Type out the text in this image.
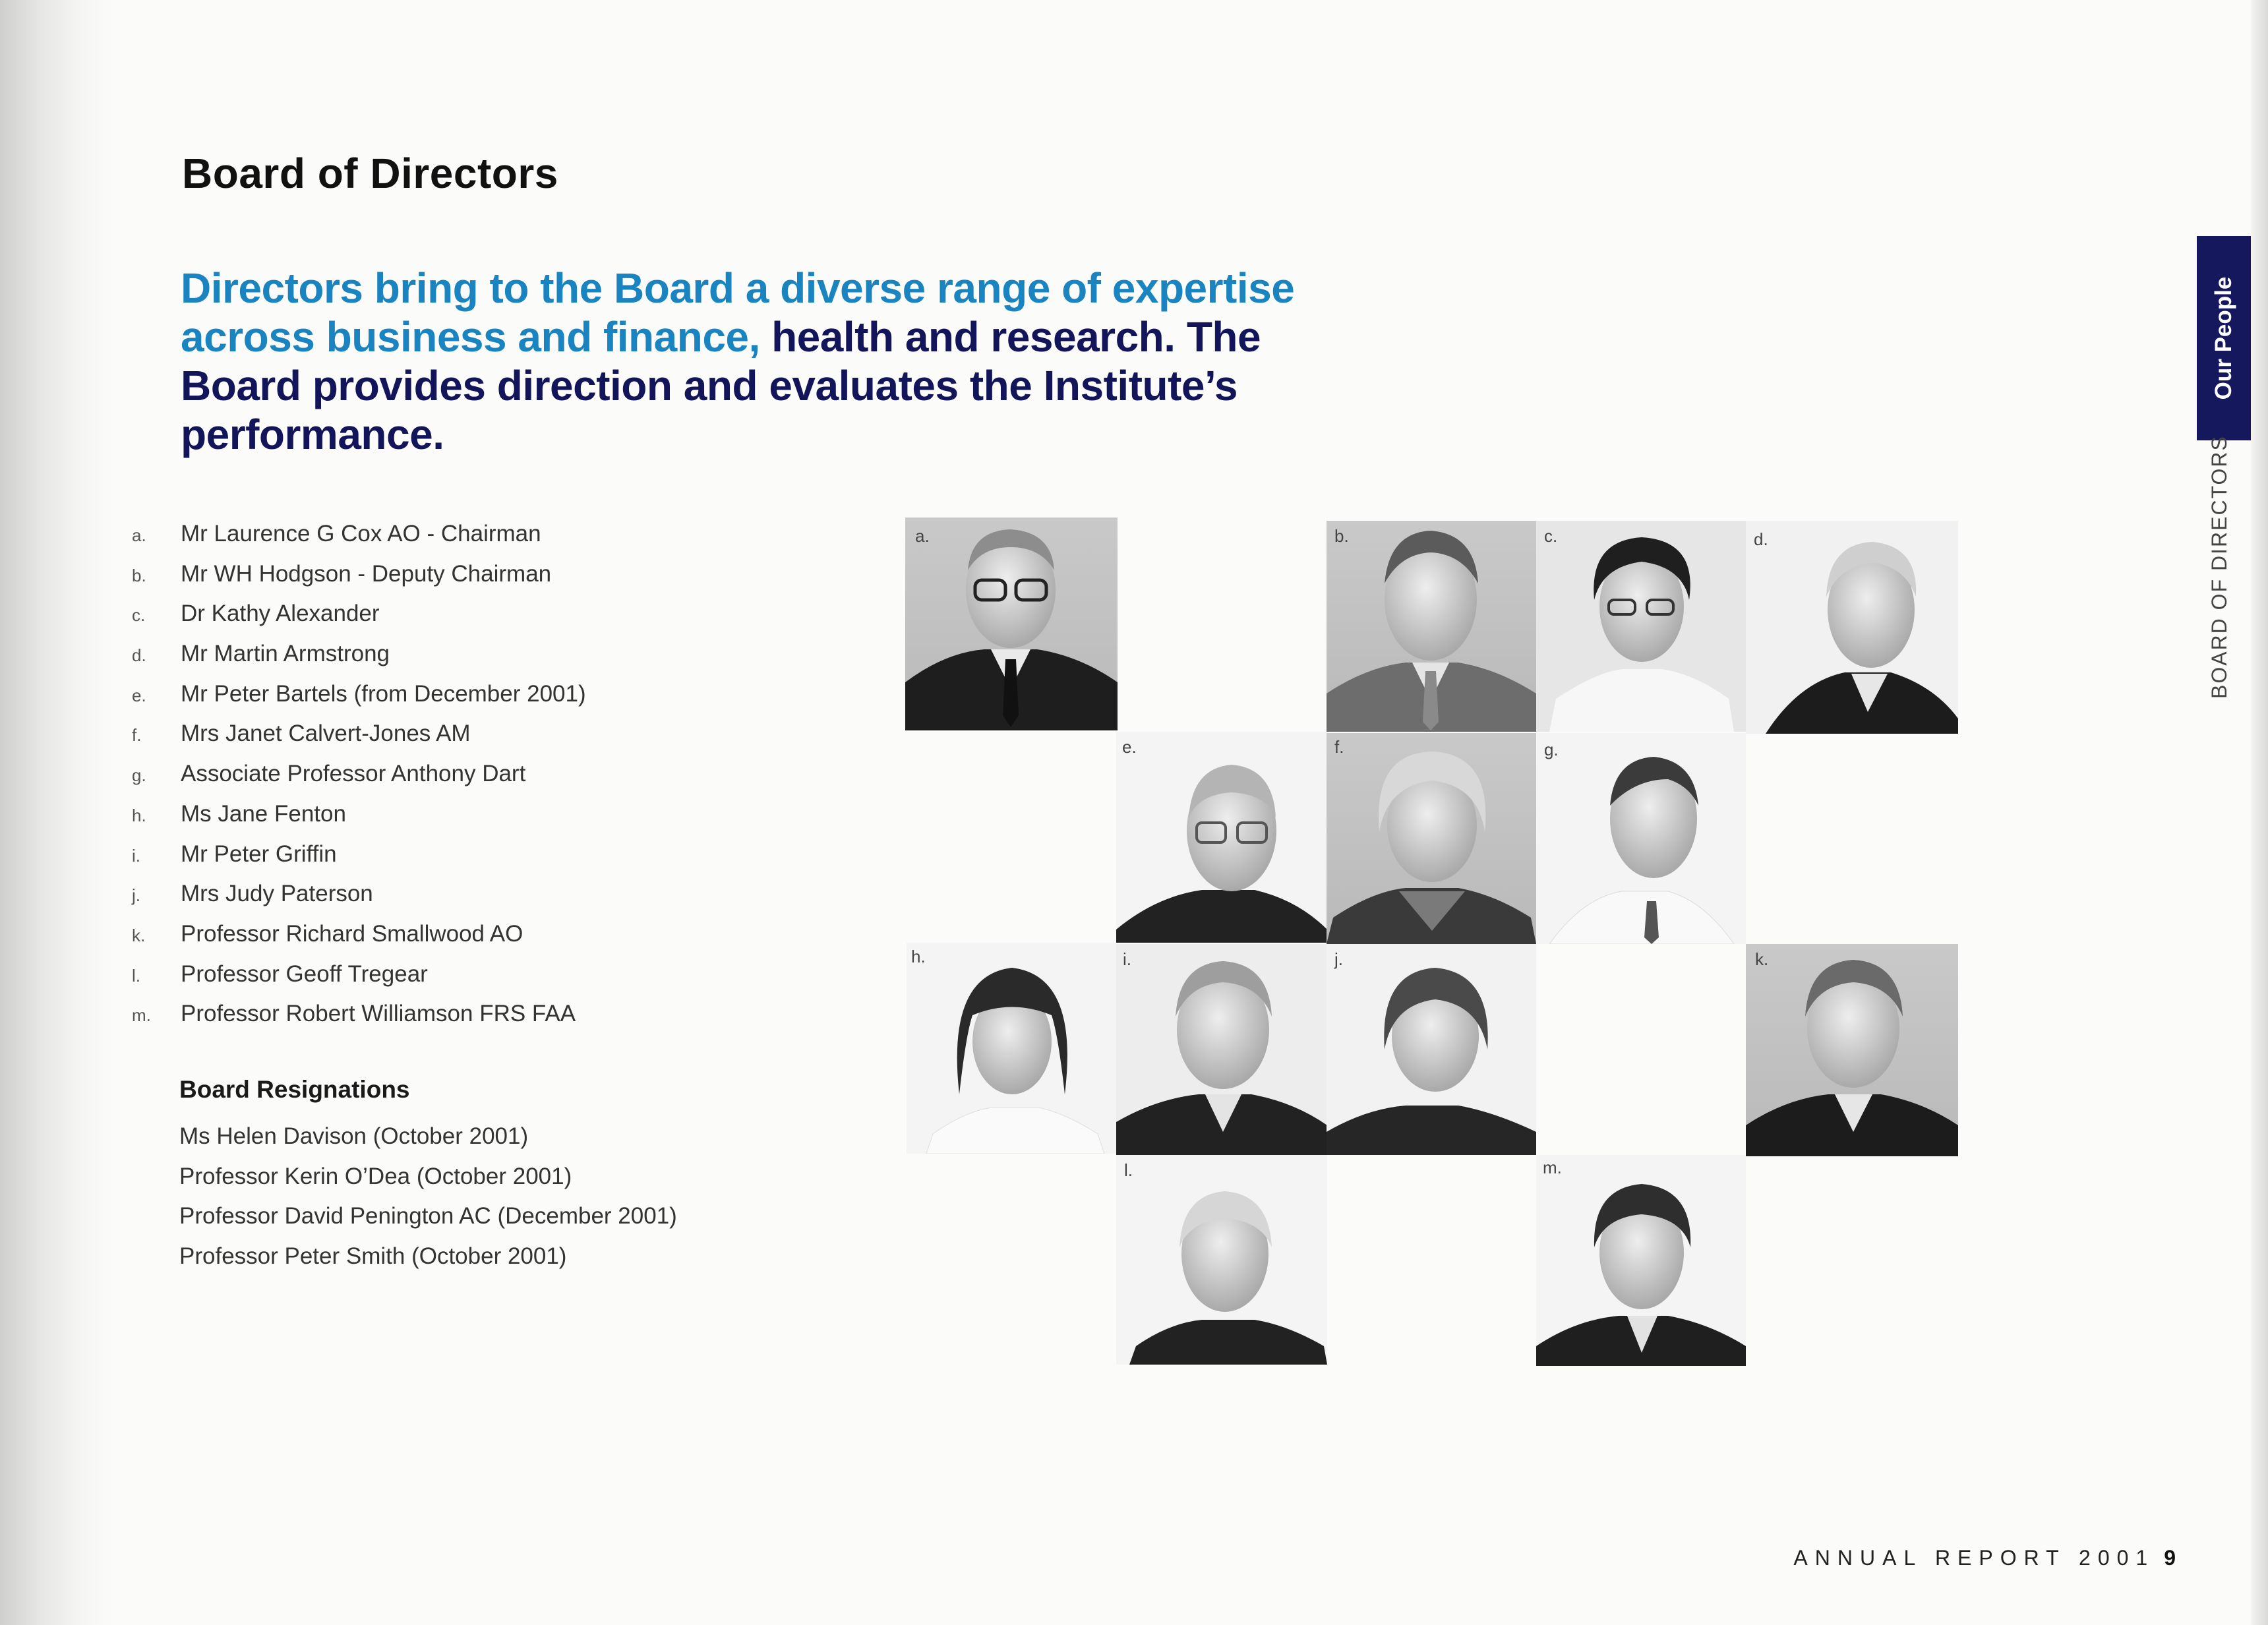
Board of Directors

Directors bring to the Board a diverse range of expertise across business and finance, health and research. The Board provides direction and evaluates the Institute’s performance.

a. Mr Laurence G Cox AO - Chairman
b. Mr WH Hodgson - Deputy Chairman
c. Dr Kathy Alexander
d. Mr Martin Armstrong
e. Mr Peter Bartels (from December 2001)
f. Mrs Janet Calvert-Jones AM
g. Associate Professor Anthony Dart
h. Ms Jane Fenton
i. Mr Peter Griffin
j. Mrs Judy Paterson
k. Professor Richard Smallwood AO
l. Professor Geoff Tregear
m. Professor Robert Williamson FRS FAA
Board Resignations
Ms Helen Davison (October 2001)
Professor Kerin O’Dea (October 2001)
Professor David Penington AC (December 2001)
Professor Peter Smith (October 2001)
a.	b.	c.	d.
e.	f.	g.
h.	i.	j.	k.
l.	m.
Our People
BOARD OF DIRECTORS
ANNUAL REPORT 2001 9
